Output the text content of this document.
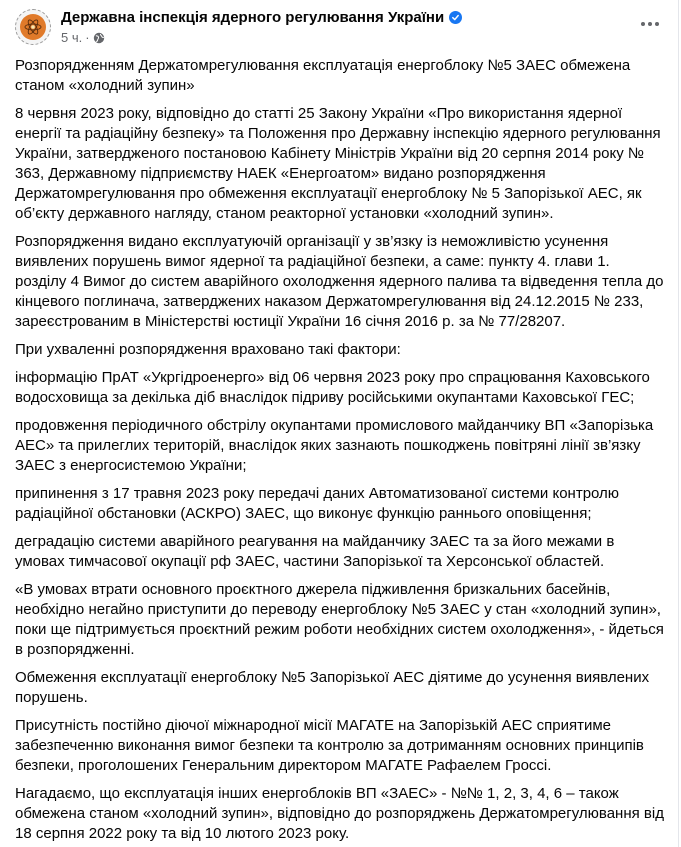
Державна інспекція ядерного регулювання України
5 ч. ·

Розпорядженням Держатомрегулювання експлуатація енергоблоку №5 ЗАЕС обмежена станом «холодний зупин»

8 червня 2023 року, відповідно до статті 25 Закону України «Про використання ядерної енергії та радіаційну безпеку» та Положення про Державну інспекцію ядерного регулювання України, затвердженого постановою Кабінету Міністрів України від 20 серпня 2014 року № 363, Державному підприємству НАЕК «Енергоатом» видано розпорядження Держатомрегулювання про обмеження експлуатації енергоблоку № 5 Запорізької АЕС, як об’єкту державного нагляду, станом реакторної установки «холодний зупин».

Розпорядження видано експлуатуючій організації у зв’язку із неможливістю усунення виявлених порушень вимог ядерної та радіаційної безпеки, а саме: пункту 4. глави 1. розділу 4 Вимог до систем аварійного охолодження ядерного палива та відведення тепла до кінцевого поглинача, затверджених наказом Держатомрегулювання від 24.12.2015 № 233, зареєстрованим в Міністерстві юстиції України 16 січня 2016 р. за № 77/28207.

При ухваленні розпорядження враховано такі фактори:

інформацію ПрАТ «Укргідроенерго» від 06 червня 2023 року про спрацювання Каховського водосховища за декілька діб внаслідок підриву російськими окупантами Каховської ГЕС;

продовження періодичного обстрілу окупантами промислового майданчику ВП «Запорізька АЕС» та прилеглих територій, внаслідок яких зазнають пошкоджень повітряні лінії зв’язку ЗАЕС з енергосистемою України;

припинення з 17 травня 2023 року передачі даних Автоматизованої системи контролю радіаційної обстановки (АСКРО) ЗАЕС, що виконує функцію раннього оповіщення;

деградацію системи аварійного реагування на майданчику ЗАЕС та за його межами в умовах тимчасової окупації рф ЗАЕС, частини Запорізької та Херсонської областей.

«В умовах втрати основного проєктного джерела підживлення бризкальних басейнів, необхідно негайно приступити до переводу енергоблоку №5 ЗАЕС у стан «холодний зупин», поки ще підтримується проєктний режим роботи необхідних систем охолодження», - йдеться в розпорядженні.

Обмеження експлуатації енергоблоку №5 Запорізької АЕС діятиме до усунення виявлених порушень.

Присутність постійно діючої міжнародної місії МАГАТЕ на Запорізькій АЕС сприятиме забезпеченню виконання вимог безпеки та контролю за дотриманням основних принципів безпеки, проголошених Генеральним директором МАГАТЕ Рафаелем Гроссі.

Нагадаємо, що експлуатація інших енергоблоків ВП «ЗАЕС» - №№ 1, 2, 3, 4, 6 – також обмежена станом «холодний зупин», відповідно до розпоряджень Держатомрегулювання від 18 серпня 2022 року та від 10 лютого 2023 року.
